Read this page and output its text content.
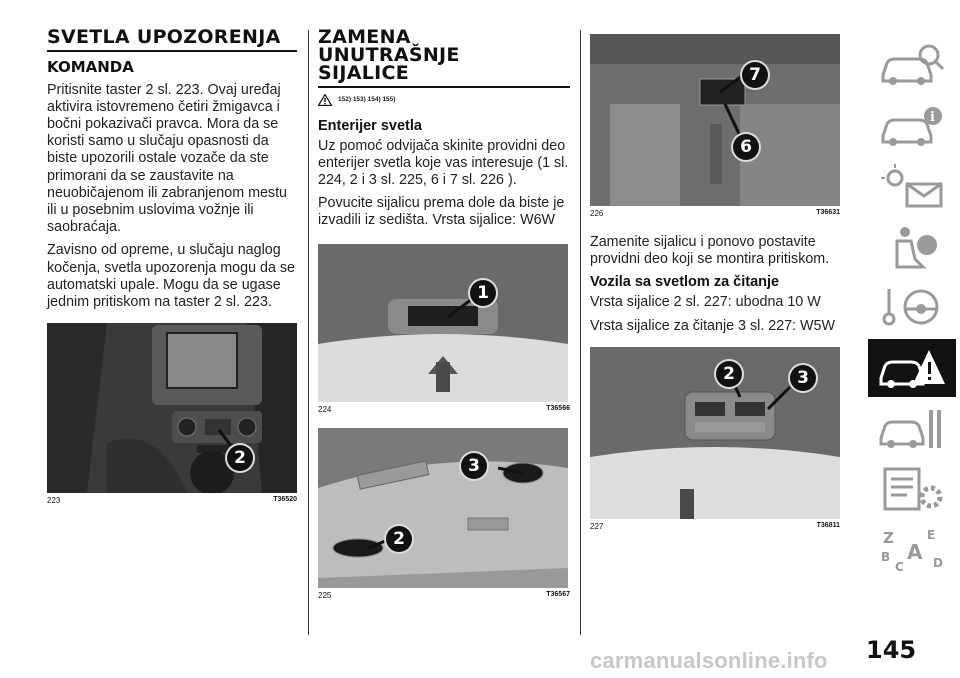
SVETLA UPOZORENJA
KOMANDA

Pritisnite taster 2 sl. 223. Ovaj uređaj aktivira istovremeno četiri žmigavca i bočni pokazivači pravca. Mora da se koristi samo u slučaju opasnosti da biste upozorili ostale vozače da ste primorani da se zaustavite na neuobičajenom ili zabranjenom mestu ili u posebnim uslovima vožnje ili saobraćaja.

Zavisno od opreme, u slučaju naglog kočenja, svetla upozorenja mogu da se automatski upale. Mogu da se ugase jednim pritiskom na taster 2 sl. 223.

2
223	T36520
ZAMENA UNUTRAŠNJE SIJALICE
152) 153) 154) 155)
Enterijer svetla

Uz pomoć odvijača skinite providni deo enterijer svetla koje vas interesuje (1 sl. 224, 2 i 3 sl. 225, 6 i 7 sl. 226 ).

Povucite sijalicu prema dole da biste je izvadili iz sedišta. Vrsta sijalice: W6W

1
224	T36566
3
2
225	T36567
7
6
226	T36631

Zamenite sijalicu i ponovo postavite providni deo koji se montira pritiskom.

Vozila sa svetlom za čitanje

Vrsta sijalice 2 sl. 227: ubodna 10 W

Vrsta sijalice za čitanje 3 sl. 227: W5W

2	3
227	T36811
i
Z	E
B A
C D
145
carmanualsonline.info
